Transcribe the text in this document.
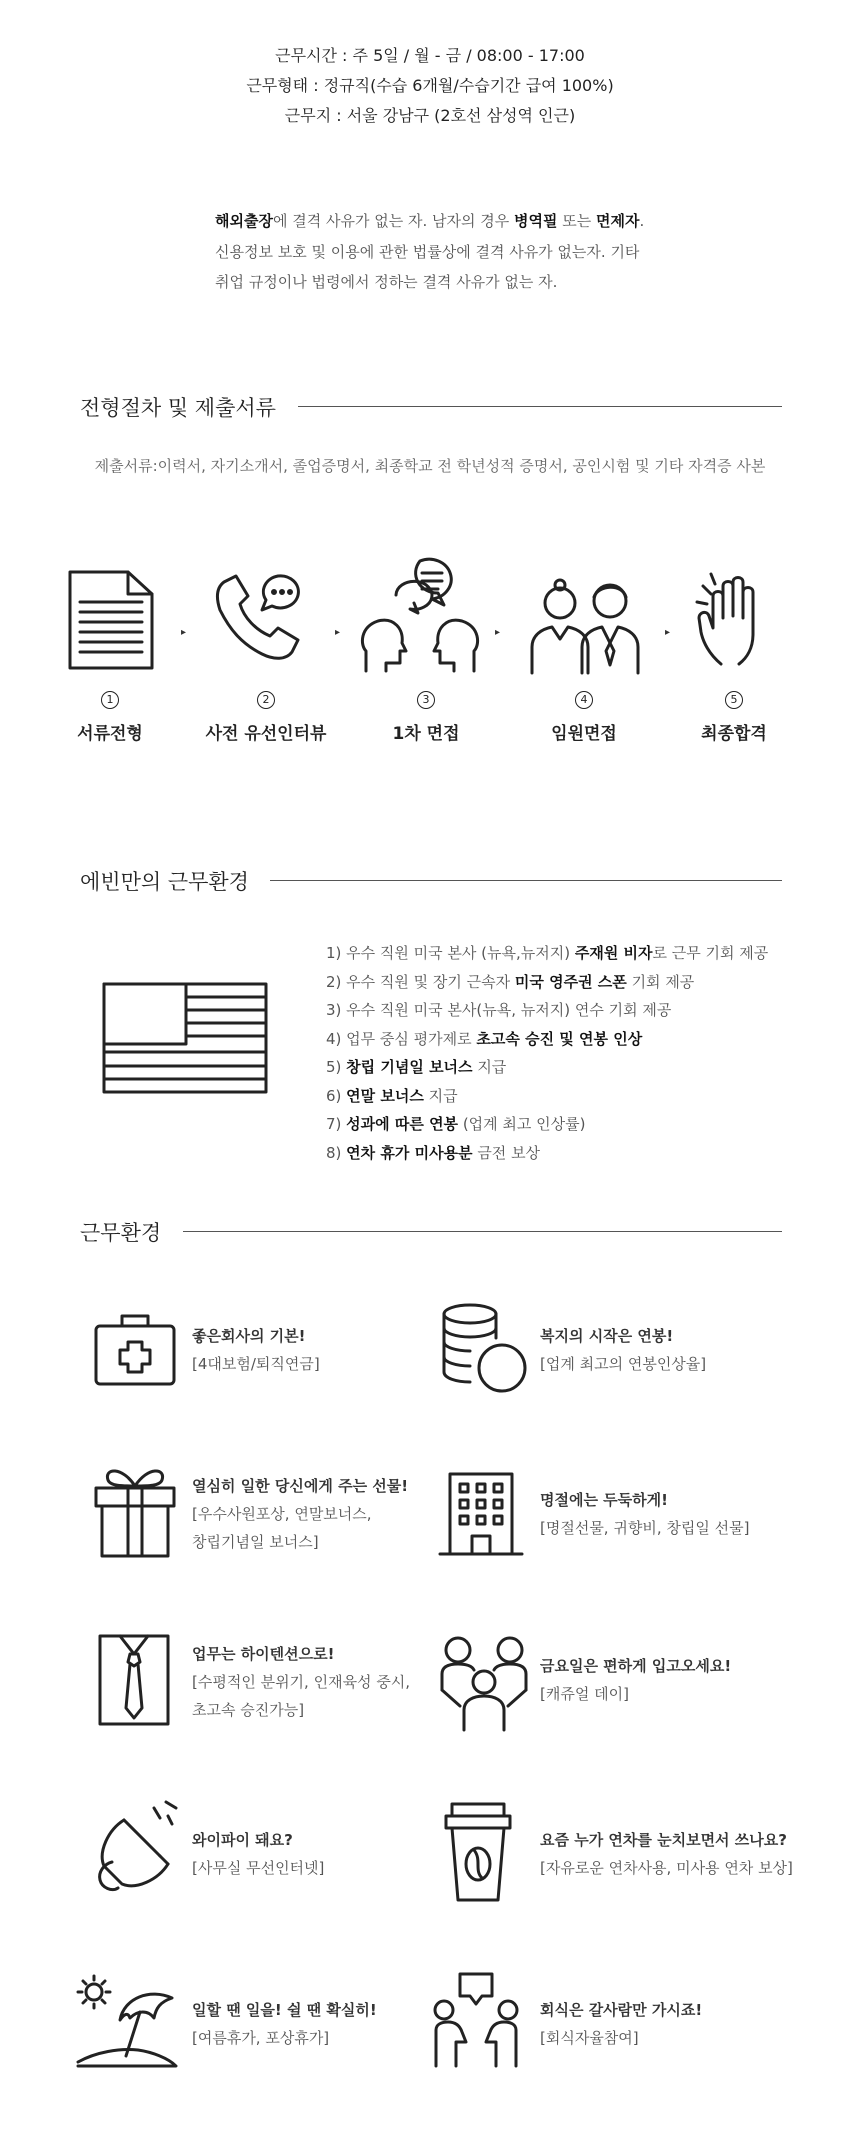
근무시간 : 주 5일 / 월 - 금 / 08:00 - 17:00
근무형태 : 정규직(수습 6개월/수습기간 급여 100%)
근무지 : 서울 강남구 (2호선 삼성역 인근)
해외출장에 결격 사유가 없는 자. 남자의 경우 병역필 또는 면제자.
신용정보 보호 및 이용에 관한 법률상에 결격 사유가 없는자. 기타
취업 규정이나 법령에서 정하는 결격 사유가 없는 자.
전형절차 및 제출서류
제출서류:이력서, 자기소개서, 졸업증명서, 최종학교 전 학년성적 증명서, 공인시험 및 기타 자격증 사본
▸	▸	▸	▸
1
서류전형
2
사전 유선인터뷰
3
1차 면접
4
임원면접
5
최종합격
에빈만의 근무환경
★★★★★
★★★★★
★★★★★
1) 우수 직원 미국 본사 (뉴욕,뉴저지) 주재원 비자로 근무 기회 제공
2) 우수 직원 및 장기 근속자 미국 영주권 스폰 기회 제공
3) 우수 직원 미국 본사(뉴욕, 뉴저지) 연수 기회 제공
4) 업무 중심 평가제로 초고속 승진 및 연봉 인상
5) 창립 기념일 보너스 지급
6) 연말 보너스 지급
7) 성과에 따른 연봉 (업계 최고 인상률)
8) 연차 휴가 미사용분 금전 보상
근무환경
$
좋은회사의 기본!
[4대보험/퇴직연금]
복지의 시작은 연봉!
[업계 최고의 연봉인상율]
열심히 일한 당신에게 주는 선물!
[우수사원포상, 연말보너스,
창립기념일 보너스]
명절에는 두둑하게!
[명절선물, 귀향비, 창립일 선물]
업무는 하이텐션으로!
[수평적인 분위기, 인재육성 중시,
초고속 승진가능]
금요일은 편하게 입고오세요!
[캐쥬얼 데이]
와이파이 돼요?
[사무실 무선인터넷]
요즘 누가 연차를 눈치보면서 쓰나요?
[자유로운 연차사용, 미사용 연차 보상]
일할 땐 일을! 쉴 땐 확실히!
[여름휴가, 포상휴가]
회식은 갈사람만 가시죠!
[회식자율참여]
